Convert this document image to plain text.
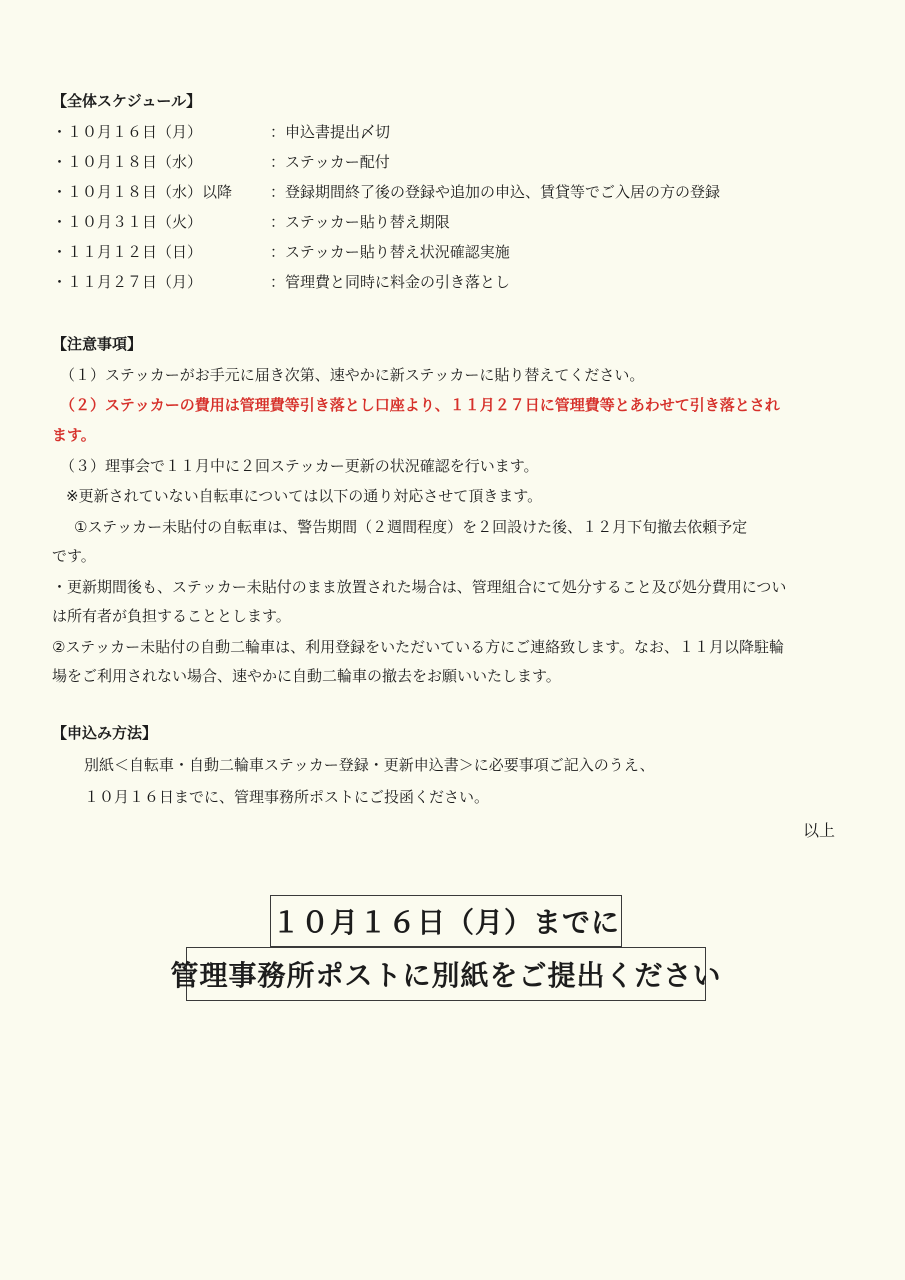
【全体スケジュール】
・１０月１６日（月）	：申込書提出〆切
・１０月１８日（水）	：ステッカー配付
・１０月１８日（水）以降	：登録期間終了後の登録や追加の申込、賃貸等でご入居の方の登録
・１０月３１日（火）	：ステッカー貼り替え期限
・１１月１２日（日）	：ステッカー貼り替え状況確認実施
・１１月２７日（月）	：管理費と同時に料金の引き落とし
【注意事項】
（１）ステッカーがお手元に届き次第、速やかに新ステッカーに貼り替えてください。
（２）ステッカーの費用は管理費等引き落とし口座より、１１月２７日に管理費等とあわせて引き落とされ
ます。
（３）理事会で１１月中に２回ステッカー更新の状況確認を行います。
※更新されていない自転車については以下の通り対応させて頂きます。
①ステッカー未貼付の自転車は、警告期間（２週間程度）を２回設けた後、１２月下旬撤去依頼予定
です。
・更新期間後も、ステッカー未貼付のまま放置された場合は、管理組合にて処分すること及び処分費用につい
は所有者が負担することとします。
②ステッカー未貼付の自動二輪車は、利用登録をいただいている方にご連絡致します。なお、１１月以降駐輪
場をご利用されない場合、速やかに自動二輪車の撤去をお願いいたします。
【申込み方法】
別紙＜自転車・自動二輪車ステッカー登録・更新申込書＞に必要事項ご記入のうえ、
１０月１６日までに、管理事務所ポストにご投函ください。
以上
１０月１６日（月）までに
管理事務所ポストに別紙をご提出ください
